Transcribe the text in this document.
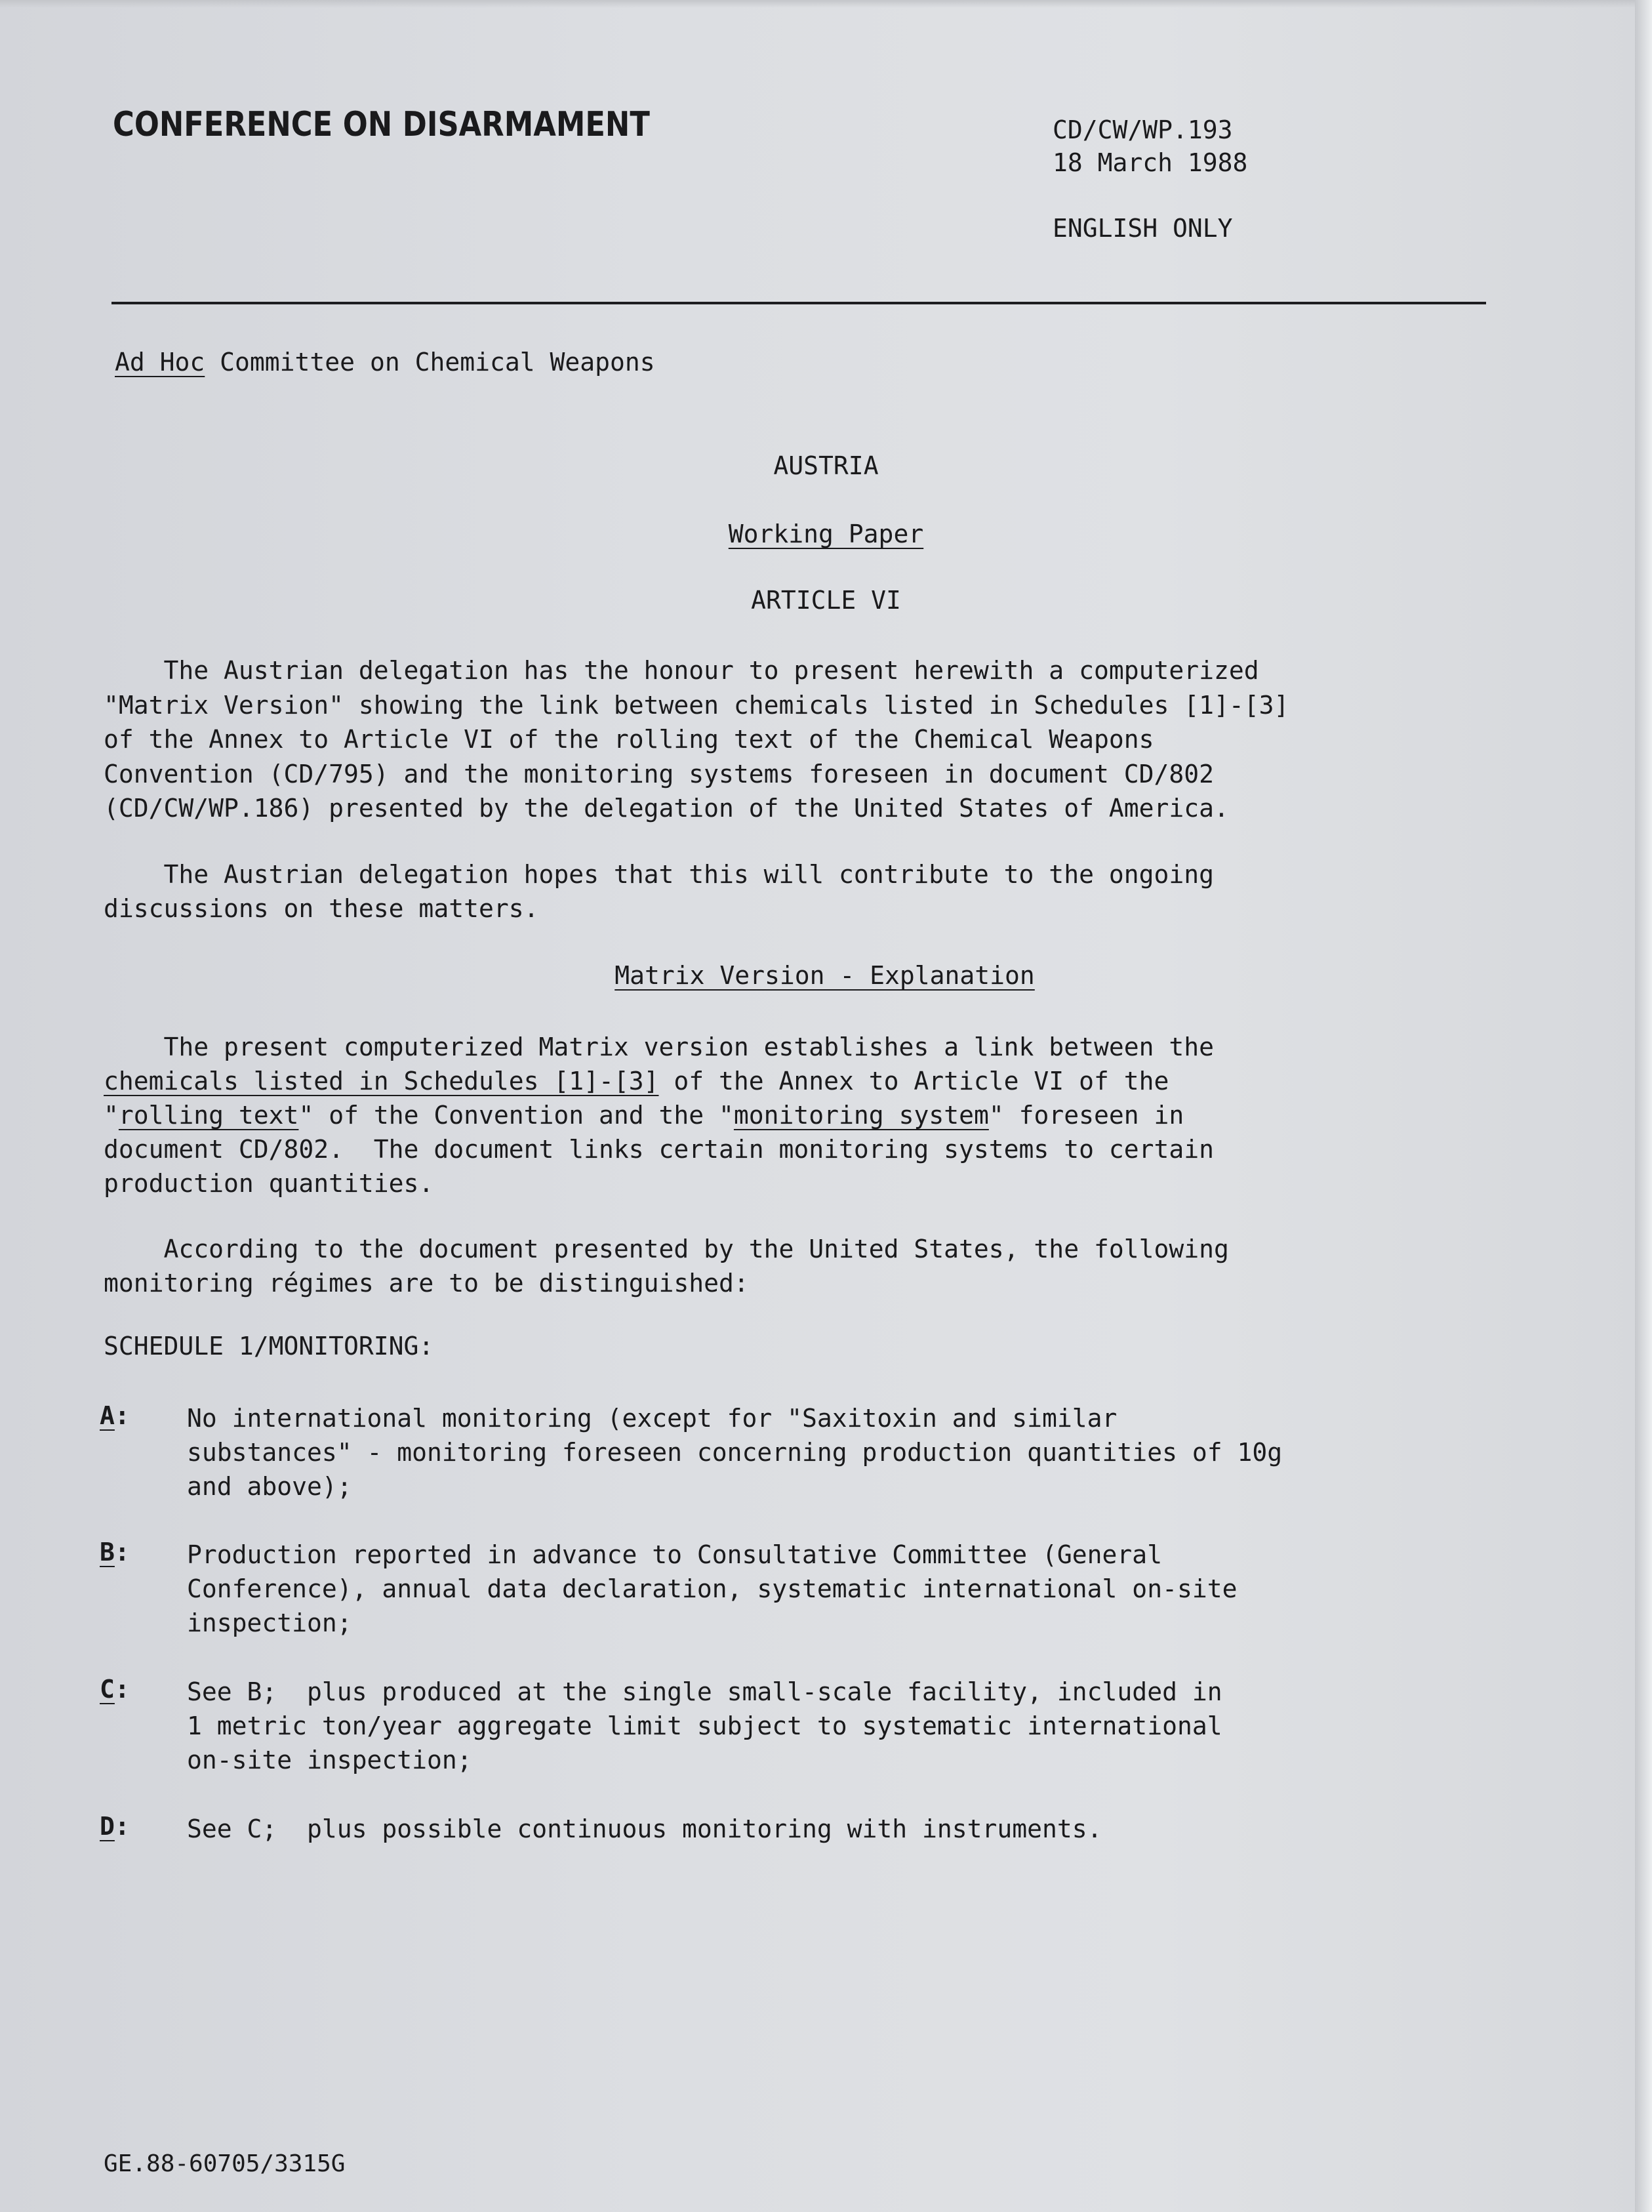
CONFERENCE ON DISARMAMENT	CD/CW/WP.193
18 March 1988
ENGLISH ONLY
Ad Hoc Committee on Chemical Weapons
AUSTRIA
Working Paper
ARTICLE VI
The Austrian delegation has the honour to present herewith a computerized
"Matrix Version" showing the link between chemicals listed in Schedules [1]-[3]
of the Annex to Article VI of the rolling text of the Chemical Weapons
Convention (CD/795) and the monitoring systems foreseen in document CD/802
(CD/CW/WP.186) presented by the delegation of the United States of America.
The Austrian delegation hopes that this will contribute to the ongoing
discussions on these matters.
Matrix Version - Explanation
The present computerized Matrix version establishes a link between the
chemicals listed in Schedules [1]-[3] of the Annex to Article VI of the
"rolling text" of the Convention and the "monitoring system" foreseen in
document CD/802.  The document links certain monitoring systems to certain
production quantities.
According to the document presented by the United States, the following
monitoring régimes are to be distinguished:
SCHEDULE 1/MONITORING:
A: No international monitoring (except for "Saxitoxin and similar
substances" - monitoring foreseen concerning production quantities of 10g
and above);
B: Production reported in advance to Consultative Committee (General
Conference), annual data declaration, systematic international on-site
inspection;
C: See B;  plus produced at the single small-scale facility, included in
1 metric ton/year aggregate limit subject to systematic international
on-site inspection;
D: See C;  plus possible continuous monitoring with instruments.
GE.88-60705/3315G
